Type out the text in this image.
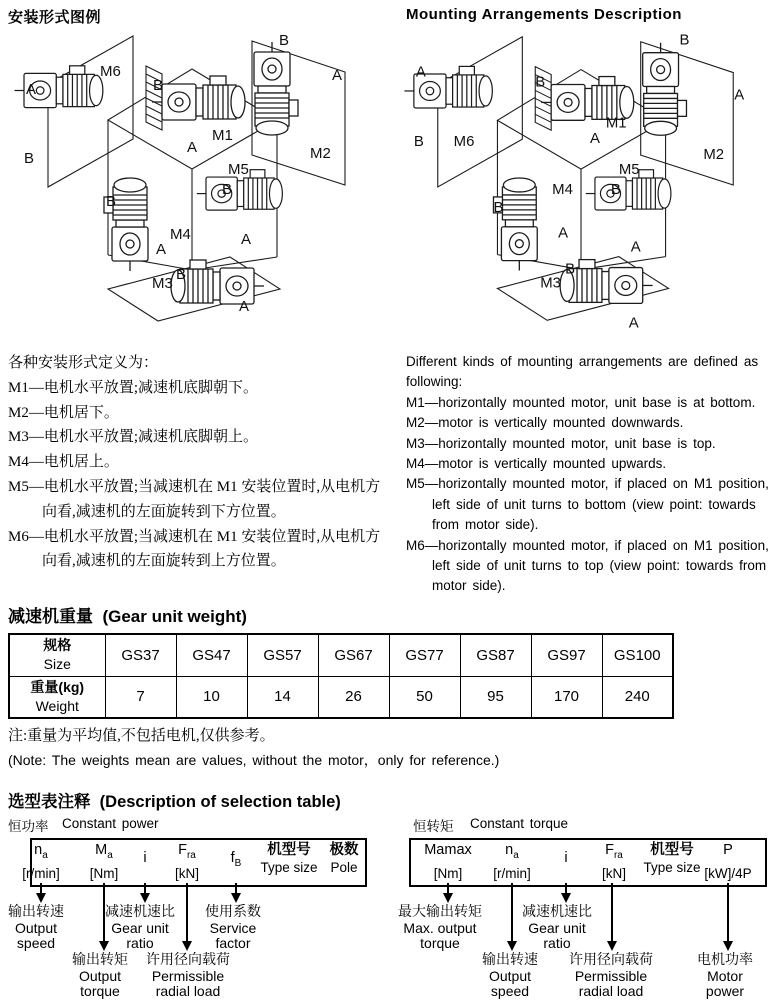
安装形式图例	Mounting Arrangements Description
A
M6
B
B
M1
A
B
A
M2
M5
B
A
B
M4
A
B
M3
A
A
B M6
B
M1
A
B
A
M2
M4
B
A
M5
B
A
B
M3
A
各种安装形式定义为：
M1—电机水平放置;减速机底脚朝下。
M2—电机居下。
M3—电机水平放置;减速机底脚朝上。
M4—电机居上。
M5—电机水平放置;当减速机在 M1 安装位置时,从电机方
向看,减速机的左面旋转到下方位置。
M6—电机水平放置;当减速机在 M1 安装位置时,从电机方
向看,减速机的左面旋转到上方位置。
Different kinds of mounting arrangements are defined as
following:
M1—horizontally mounted motor, unit base is at bottom.
M2—motor is vertically mounted downwards.
M3—horizontally mounted motor, unit base is top.
M4—motor is vertically mounted upwards.
M5—horizontally mounted motor, if placed on M1 position,
left side of unit turns to bottom (view point: towards
from motor side).
M6—horizontally mounted motor, if placed on M1 position,
left side of unit turns to top (view point: towards from
motor side).
减速机重量 (Gear unit weight)
规格
Size	GS37	GS47	GS57	GS67	GS77	GS87	GS97	GS100

重量(kg)
Weight	7	10	14	26	50	95	170	240
注:重量为平均值,不包括电机,仅供参考。
(Note: The weights mean are values, without the motor，only for reference.)
选型表注释 (Description of selection table)
恒功率 Constant power
$n_a$
[r/min]
$M_a$
[Nm]
i	$F_{ra}$
[kN]
$f_B$
机型号
Type size
极数
Pole
输出转速
Output
speed
输出转矩
Output
torque
减速机速比
Gear unit
ratio
许用径向载荷
Permissible
radial load
使用系数
Service
factor
恒转矩 Constant torque
Mamax
[Nm]
$n_a$
[r/min]
i	$F_{ra}$
[kN]
机型号
Type size
P
[kW]/4P
最大输出转矩
Max. output
torque
输出转速
Output
speed
减速机速比
Gear unit
ratio
许用径向载荷
Permissible
radial load
电机功率
Motor
power
